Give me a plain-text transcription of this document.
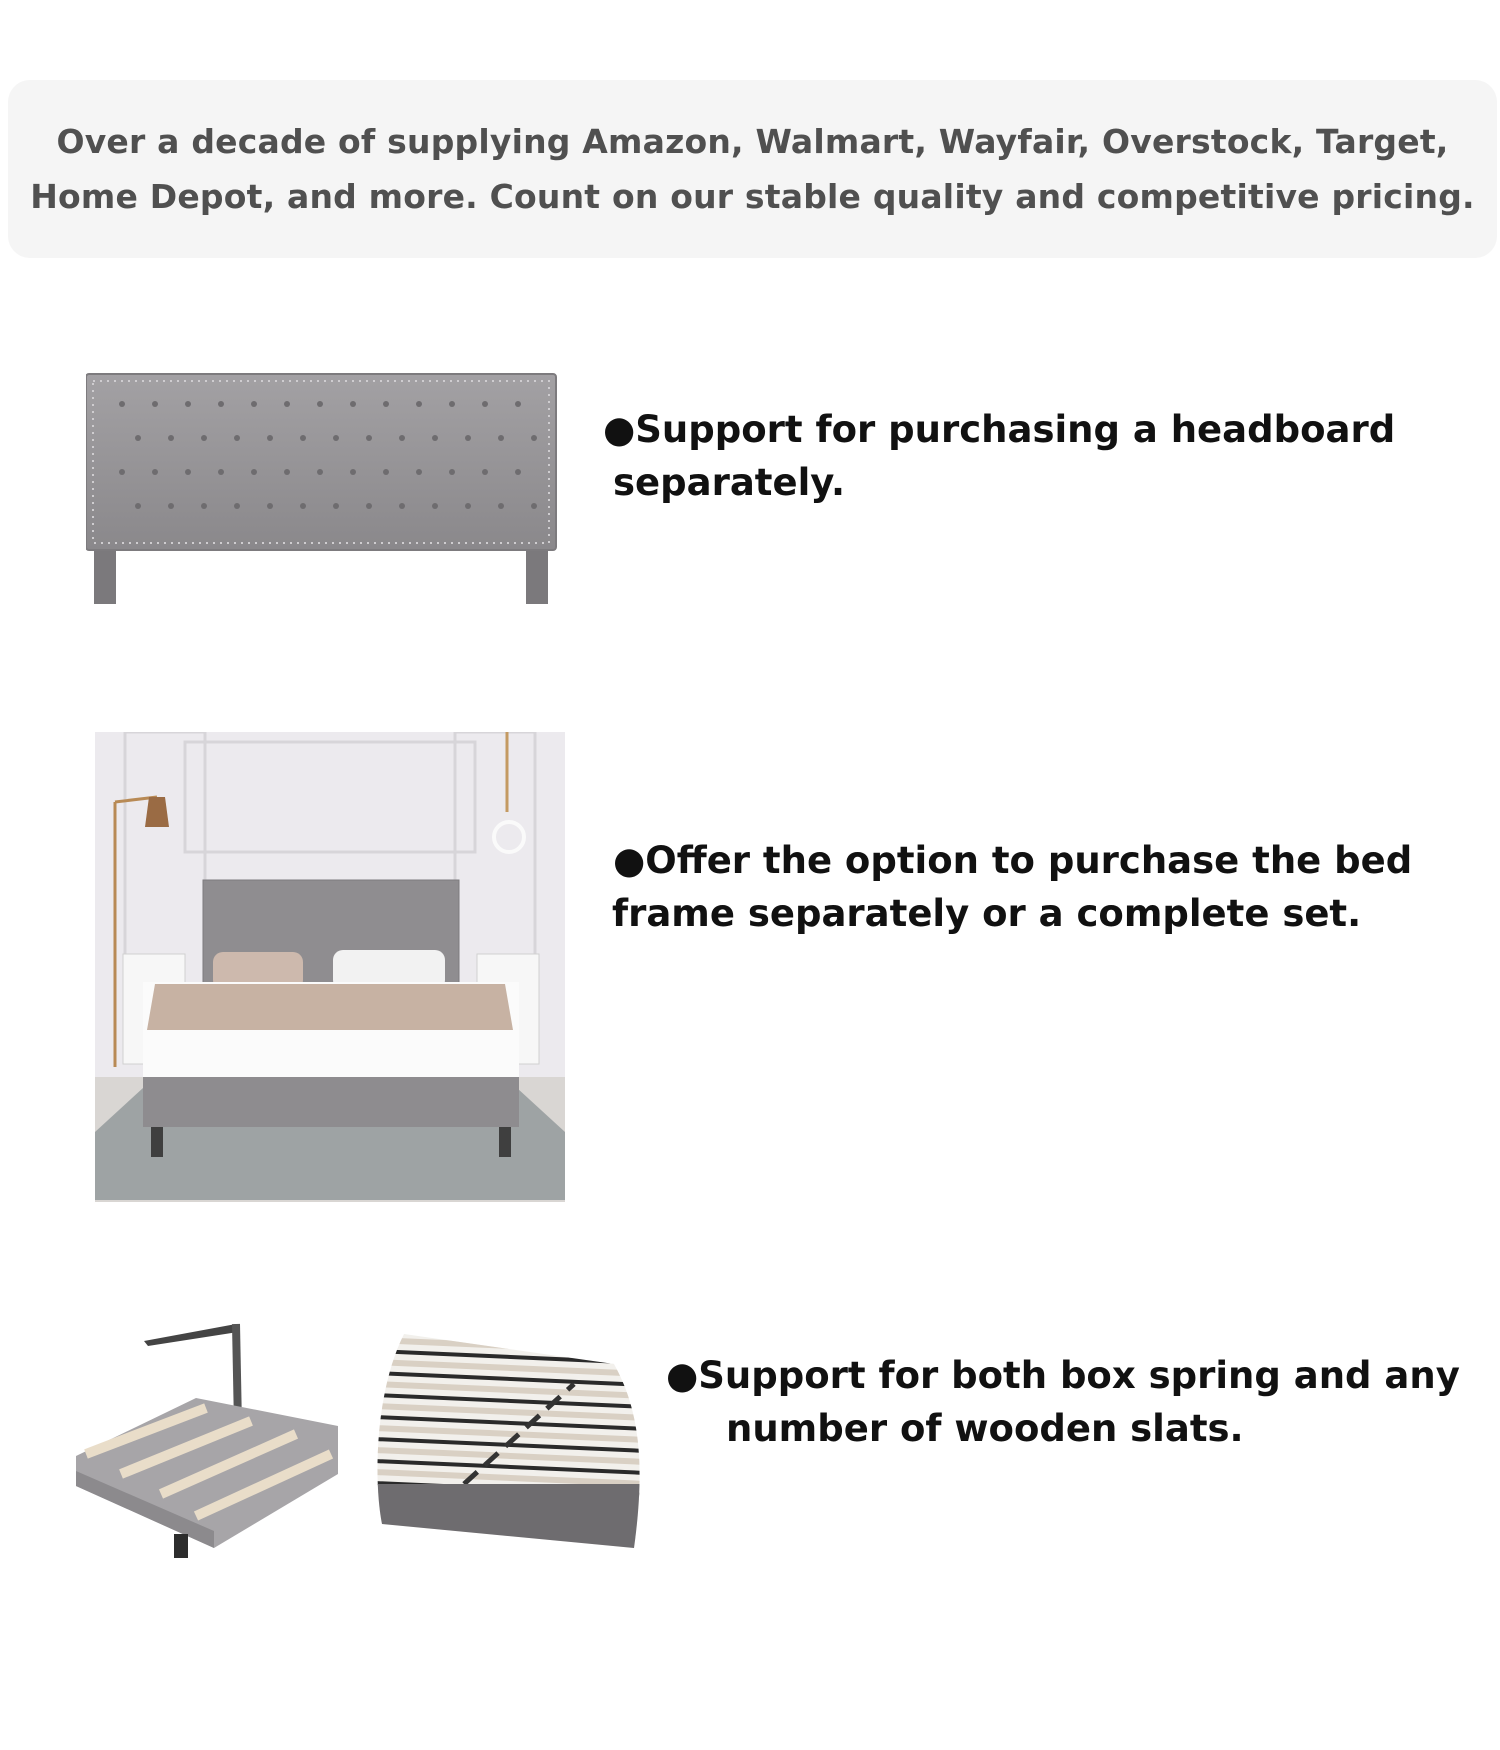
Over a decade of supplying Amazon, Walmart, Wayfair, Overstock, Target, Home Depot, and more. Count on our stable quality and competitive pricing.
●Support for purchasing a headboard
separately.
●Offer the option to purchase the bed
frame separately or a complete set.
●Support for both box spring and any
number of wooden slats.
